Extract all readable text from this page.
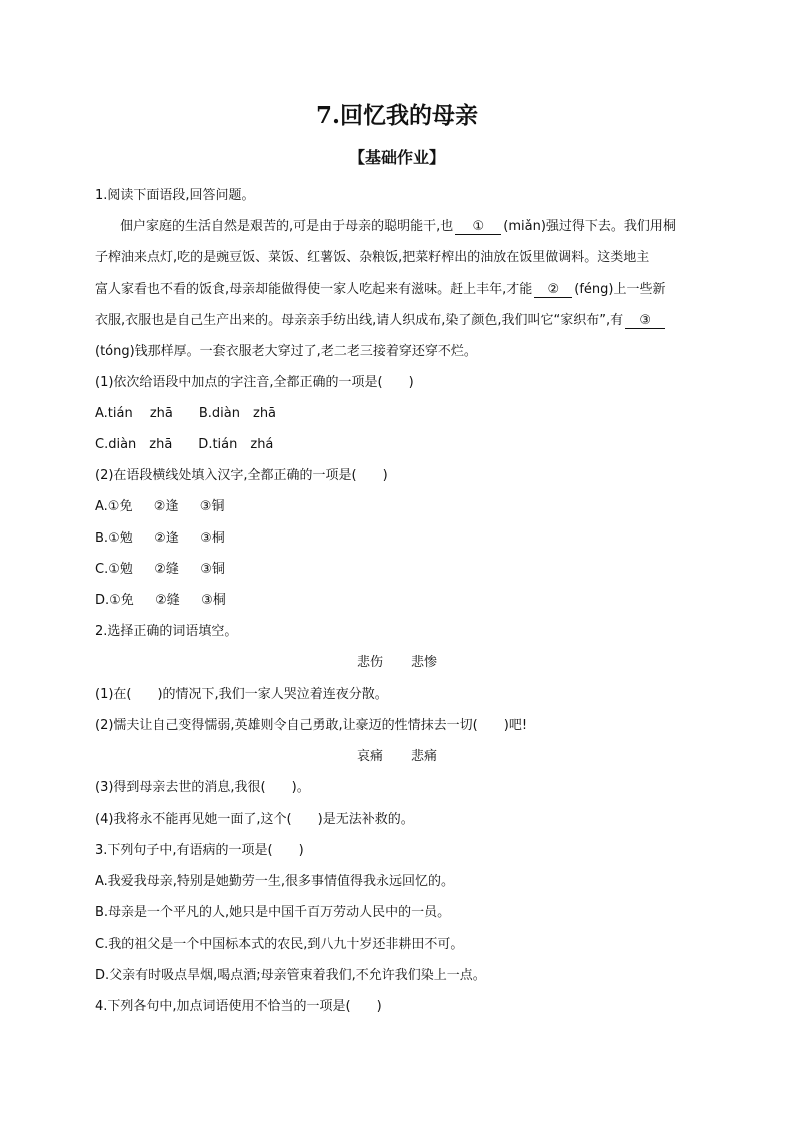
7.回忆我的母亲
【基础作业】
1.阅读下面语段,回答问题。
佃户家庭的生活自然是艰苦的,可是由于母亲的聪明能干,也 ① (miǎn)强过得下去。我们用桐
子榨油来点灯,吃的是豌豆饭、菜饭、红薯饭、杂粮饭,把菜籽榨出的油放在饭里做调料。这类地主
富人家看也不看的饭食,母亲却能做得使一家人吃起来有滋味。赶上丰年,才能 ② (féng)上一些新
衣服,衣服也是自己生产出来的。母亲亲手纺出线,请人织成布,染了颜色,我们叫它“家织布”,有 ③
(tóng)钱那样厚。一套衣服老大穿过了,老二老三接着穿还穿不烂。
(1)依次给语段中加点的字注音,全都正确的一项是(　　)
A.tián　 zhā　　B.diàn　zhā
C.diàn　zhā　　D.tián　zhá
(2)在语段横线处填入汉字,全都正确的一项是(　　)
A.①免 ②逢 ③铜
B.①勉 ②逢 ③桐
C.①勉 ②缝 ③铜
D.①免 ②缝 ③桐
2.选择正确的词语填空。
悲伤 悲惨
(1)在(　　)的情况下,我们一家人哭泣着连夜分散。
(2)懦夫让自己变得懦弱,英雄则令自己勇敢,让豪迈的性情抹去一切(　　)吧!
哀痛 悲痛
(3)得到母亲去世的消息,我很(　　)。
(4)我将永不能再见她一面了,这个(　　)是无法补救的。
3.下列句子中,有语病的一项是(　　)
A.我爱我母亲,特别是她勤劳一生,很多事情值得我永远回忆的。
B.母亲是一个平凡的人,她只是中国千百万劳动人民中的一员。
C.我的祖父是一个中国标本式的农民,到八九十岁还非耕田不可。
D.父亲有时吸点旱烟,喝点酒;母亲管束着我们,不允许我们染上一点。
4.下列各句中,加点词语使用不恰当的一项是(　　)
